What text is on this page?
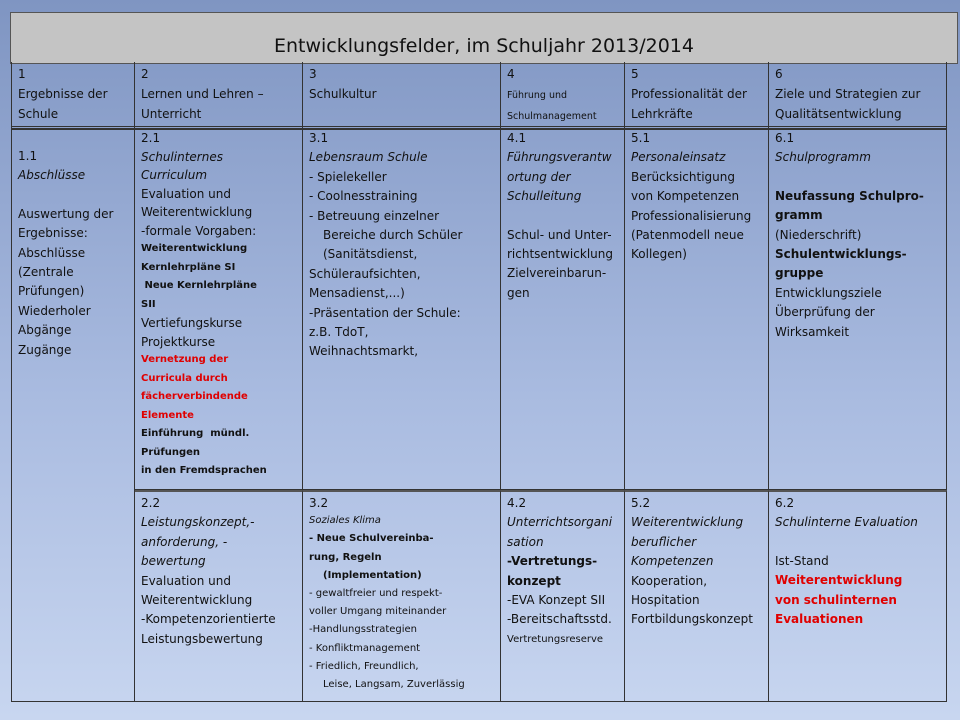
Entwicklungsfelder, im Schuljahr 2013/2014
1
Ergebnisse der Schule
2
Lernen und Lehren – Unterricht
3
Schulkultur
4
Führung und Schulmanagement
5
Professionalität der Lehrkräfte
6
Ziele und Strategien zur Qualitätsentwicklung
1.1
Abschlüsse
Auswertung der
Ergebnisse:
Abschlüsse
(Zentrale
Prüfungen)
Wiederholer
Abgänge
Zugänge
2.1
Schulinternes
Curriculum
Evaluation und
Weiterentwicklung
-formale Vorgaben:
Weiterentwicklung
Kernlehrpläne SI
Neue Kernlehrpläne
SII
Vertiefungskurse
Projektkurse
Vernetzung der
Curricula durch
fächerverbindende
Elemente
Einführung  mündl.
Prüfungen
in den Fremdsprachen
3.1
Lebensraum Schule
- Spielekeller
- Coolnesstraining
- Betreuung einzelner
Bereiche durch Schüler
(Sanitätsdienst,
Schüleraufsichten,
Mensadienst,...)
-Präsentation der Schule:
z.B. TdoT,
Weihnachtsmarkt,
4.1
Führungsverantw
ortung der
Schulleitung
Schul- und Unter-
richtsentwicklung
Zielvereinbarun-
gen
5.1
Personaleinsatz
Berücksichtigung
von Kompetenzen
Professionalisierung
(Patenmodell neue
Kollegen)
6.1
Schulprogramm
Neufassung Schulpro-
gramm
(Niederschrift)
Schulentwicklungs-
gruppe
Entwicklungsziele
Überprüfung der
Wirksamkeit
2.2
Leistungskonzept,-
anforderung, -
bewertung
Evaluation und
Weiterentwicklung
-Kompetenzorientierte
Leistungsbewertung
3.2
Soziales Klima
- Neue Schulvereinba-
rung, Regeln
(Implementation)
- gewaltfreier und respekt-
voller Umgang miteinander
-Handlungsstrategien
- Konfliktmanagement
- Friedlich, Freundlich,
Leise, Langsam, Zuverlässig
4.2
Unterrichtsorgani
sation
-Vertretungs-
konzept
-EVA Konzept SII
-Bereitschaftsstd.
Vertretungsreserve
5.2
Weiterentwicklung
beruflicher
Kompetenzen
Kooperation,
Hospitation
Fortbildungskonzept
6.2
Schulinterne Evaluation
Ist-Stand
Weiterentwicklung
von schulinternen
Evaluationen
